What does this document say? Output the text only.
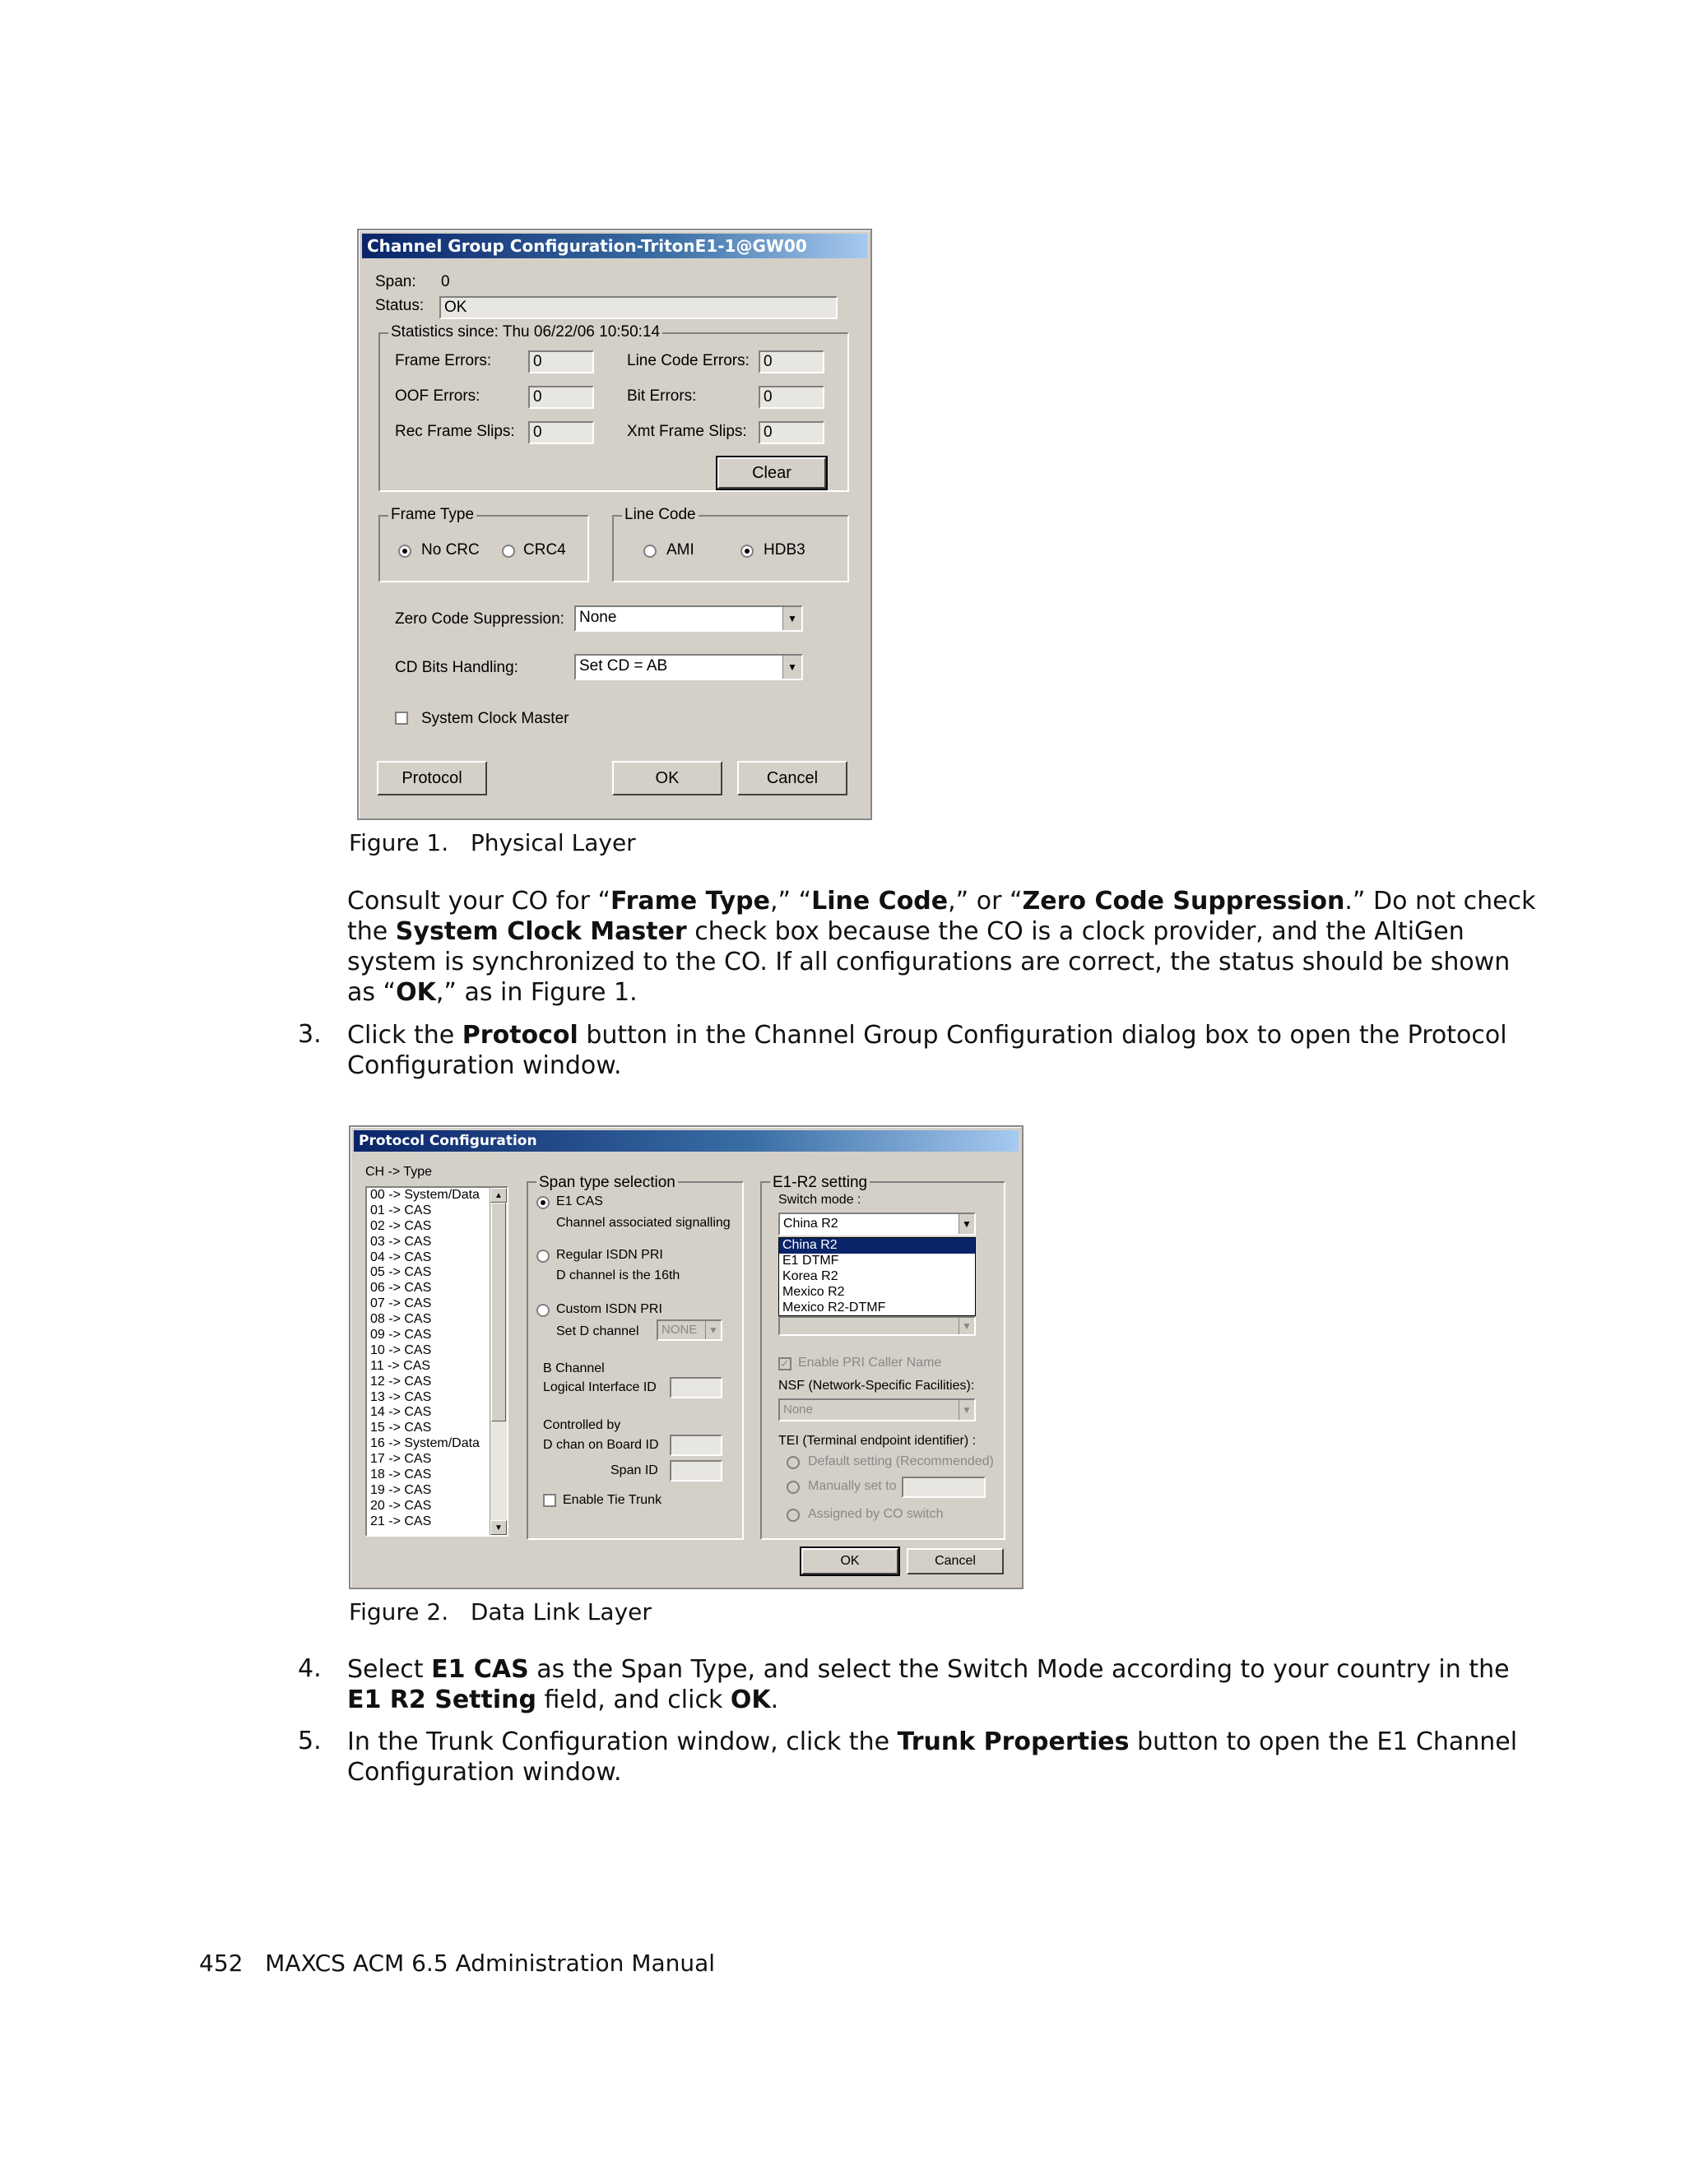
Channel Group Configuration-TritonE1-1@GW00
Span: 0
Status:	OK
Statistics since: Thu 06/22/06 10:50:14
Frame Errors:	0	Line Code Errors: 0
OOF Errors:	0	Bit Errors:	0
Rec Frame Slips:	0	Xmt Frame Slips:	0
Clear
Frame Type
No CRC	CRC4
Line Code
AMI	HDB3
Zero Code Suppression: None	▼
CD Bits Handling:	Set CD = AB	▼
System Clock Master
Protocol	OK	Cancel
Figure 1. Physical Layer
Consult your CO for “Frame Type,” “Line Code,” or “Zero Code Suppression.” Do not check the System Clock Master check box because the CO is a clock provider, and the AltiGen system is synchronized to the CO. If all configurations are correct, the status should be shown as “OK,” as in Figure 1.
3. Click the Protocol button in the Channel Group Configuration dialog box to open the Protocol Configuration window.
Protocol Configuration
CH -> Type
00 -> System/Data
01 -> CAS
02 -> CAS
03 -> CAS
04 -> CAS
05 -> CAS
06 -> CAS
07 -> CAS
08 -> CAS
09 -> CAS
10 -> CAS
11 -> CAS
12 -> CAS
13 -> CAS
14 -> CAS
15 -> CAS
16 -> System/Data
17 -> CAS
18 -> CAS
19 -> CAS
20 -> CAS
21 -> CAS
▲
▼
Span type selection
E1 CAS
Channel associated signalling
Regular ISDN PRI
D channel is the 16th
Custom ISDN PRI
Set D channel	NONE	▼
B Channel
Logical Interface ID
Controlled by
D chan on Board ID
Span ID
Enable Tie Trunk
E1-R2 setting
Switch mode :
China R2	▼
China R2
E1 DTMF
Korea R2
Mexico R2
Mexico R2-DTMF
▼
✓ Enable PRI Caller Name
NSF (Network-Specific Facilities):
None	▼
TEI (Terminal endpoint identifier) :
Default setting (Recommended)
Manually set to
Assigned by CO switch
OK	Cancel
Figure 2. Data Link Layer
4. Select E1 CAS as the Span Type, and select the Switch Mode according to your country in the E1 R2 Setting field, and click OK.
5. In the Trunk Configuration window, click the Trunk Properties button to open the E1 Channel Configuration window.
452 MAXCS ACM 6.5 Administration Manual
